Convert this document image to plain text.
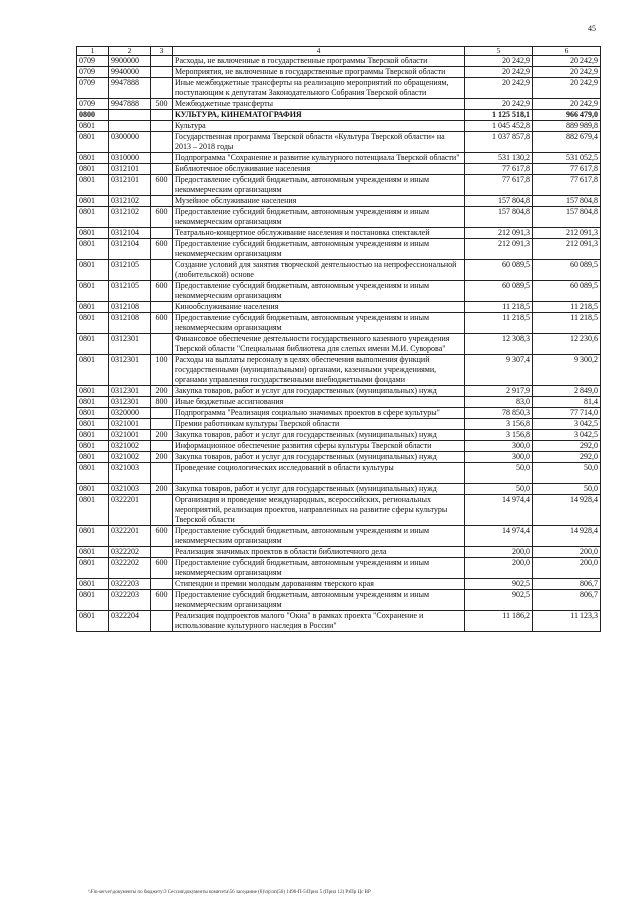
45
1	2	3	4	5	6
0709	9900000		Расходы, не включенные в государственные программы Тверской области	20 242,9	20 242,9
0709	9940000		Мероприятия, не включенные в государственные программы Тверской области	20 242,9	20 242,9
0709	9947888		Иные межбюджетные трансферты на реализацию мероприятий по обращениям, поступающим к депутатам Законодательного Собрания Тверской области	20 242,9	20 242,9
0709	9947888	500	Межбюджетные трансферты	20 242,9	20 242,9
0800			КУЛЬТУРА, КИНЕМАТОГРАФИЯ	1 125 518,1	966 479,0
0801			Культура	1 045 452,8	889 989,8
0801	0300000		Государственная программа Тверской области «Культура Тверской области» на 2013 – 2018 годы	1 037 857,8	882 679,4
0801	0310000		Подпрограмма "Сохранение и развитие культурного потенциала Тверской области"	531 130,2	531 052,5
0801	0312101		Библиотечное обслуживание населения	77 617,8	77 617,8
0801	0312101	600	Предоставление субсидий бюджетным, автономным учреждениям и иным некоммерческим организациям	77 617,8	77 617,8
0801	0312102		Музейное обслуживание населения	157 804,8	157 804,8
0801	0312102	600	Предоставление субсидий бюджетным, автономным учреждениям и иным некоммерческим организациям	157 804,8	157 804,8
0801	0312104		Театрально-концертное обслуживание населения и постановка спектаклей	212 091,3	212 091,3
0801	0312104	600	Предоставление субсидий бюджетным, автономным учреждениям и иным некоммерческим организациям	212 091,3	212 091,3
0801	0312105		Создание условий для занятия творческой деятельностью на непрофессиональной (любительской) основе	60 089,5	60 089,5
0801	0312105	600	Предоставление субсидий бюджетным, автономным учреждениям и иным некоммерческим организациям	60 089,5	60 089,5
0801	0312108		Кинообслуживание населения	11 218,5	11 218,5
0801	0312108	600	Предоставление субсидий бюджетным, автономным учреждениям и иным некоммерческим организациям	11 218,5	11 218,5
0801	0312301		Финансовое обеспечение деятельности государственного казенного учреждения Тверской области "Специальная библиотека для слепых имени М.И. Суворова"	12 308,3	12 230,6
0801	0312301	100	Расходы на выплаты персоналу в целях обеспечения выполнения функций государственными (муниципальными) органами, казенными учреждениями, органами управления государственными внебюджетными фондами	9 307,4	9 300,2
0801	0312301	200	Закупка товаров, работ и услуг для государственных (муниципальных) нужд	2 917,9	2 849,0
0801	0312301	800	Иные бюджетные ассигнования	83,0	81,4
0801	0320000		Подпрограмма "Реализация социально значимых проектов в сфере культуры"	78 850,3	77 714,0
0801	0321001		Премии работникам культуры Тверской области	3 156,8	3 042,5
0801	0321001	200	Закупка товаров, работ и услуг для государственных (муниципальных) нужд	3 156,8	3 042,5
0801	0321002		Информационное обеспечение развития сферы культуры Тверской области	300,0	292,0
0801	0321002	200	Закупка товаров, работ и услуг для государственных (муниципальных) нужд	300,0	292,0
0801	0321003		Проведение социологических исследований в области культуры	50,0	50,0
0801	0321003	200	Закупка товаров, работ и услуг для государственных (муниципальных) нужд	50,0	50,0
0801	0322201		Организация и проведение международных, всероссийских, региональных мероприятий, реализация проектов, направленных на развитие сферы культуры Тверской области	14 974,4	14 928,4
0801	0322201	600	Предоставление субсидий бюджетным, автономным учреждениям и иным некоммерческим организациям	14 974,4	14 928,4
0801	0322202		Реализация значимых проектов в области библиотечного дела	200,0	200,0
0801	0322202	600	Предоставление субсидий бюджетным, автономным учреждениям и иным некоммерческим организациям	200,0	200,0
0801	0322203		Стипендии и премии молодым дарованиям тверского края	902,5	806,7
0801	0322203	600	Предоставление субсидий бюджетным, автономным учреждениям и иным некоммерческим организациям	902,5	806,7
0801	0322204		Реализация подпроектов малого "Окна" в рамках проекта "Сохранение и использование культурного наследия в России"	11 186,2	11 123,3
\\Fin-server\документы по бюджету\3 Сессия\документы комитета\56 заседание (б)\пр\зп(56) 1496-П-5\Прил 5 (Прил 12) РзПр Цс ВР
